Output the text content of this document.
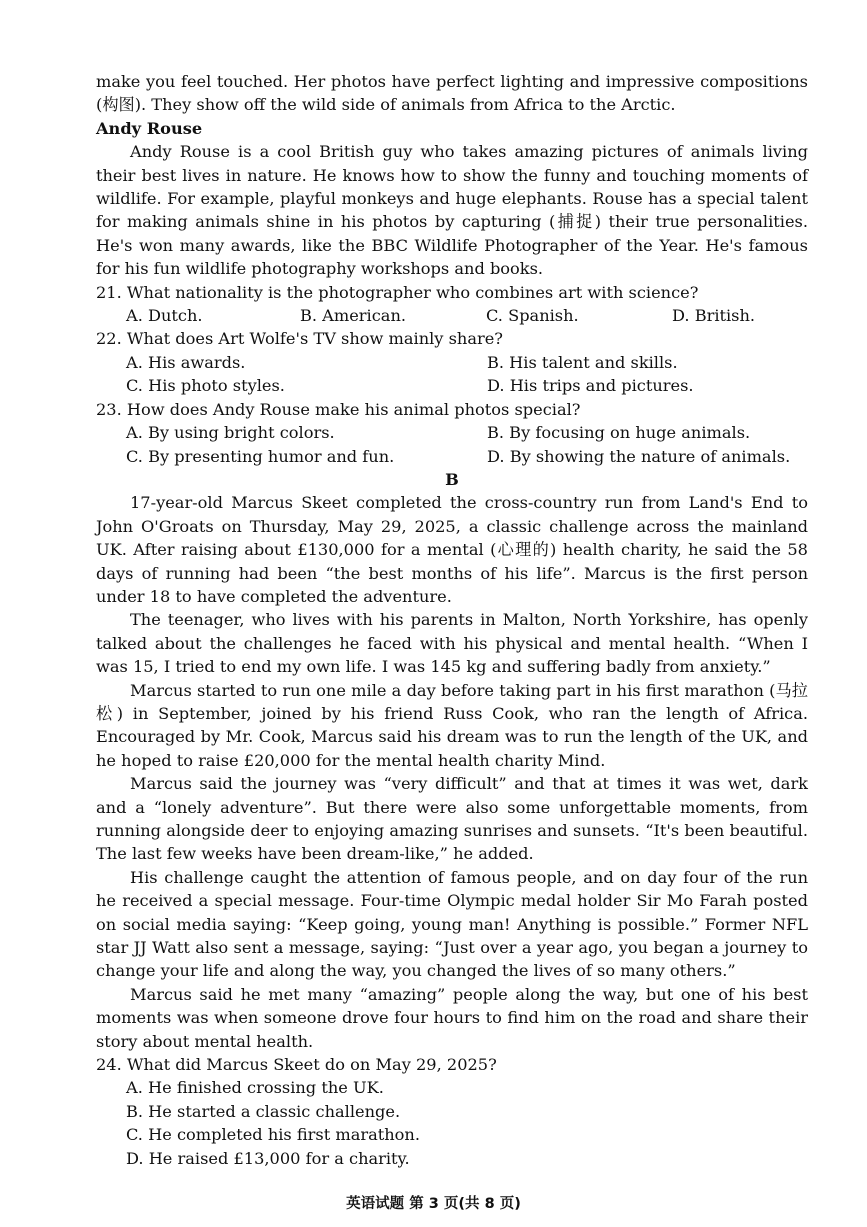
make you feel touched. Her photos have perfect lighting and impressive compositions (构图). They show off the wild side of animals from Africa to the Arctic.

Andy Rouse

Andy Rouse is a cool British guy who takes amazing pictures of animals living their best lives in nature. He knows how to show the funny and touching moments of wildlife. For example, playful monkeys and huge elephants. Rouse has a special talent for making animals shine in his photos by capturing (捕捉) their true personalities. He's won many awards, like the BBC Wildlife Photographer of the Year. He's famous for his fun wildlife photography workshops and books.

21. What nationality is the photographer who combines art with science?

A. Dutch.	B. American.	C. Spanish.	D. British.

22. What does Art Wolfe's TV show mainly share?

A. His awards.	B. His talent and skills.
C. His photo styles.	D. His trips and pictures.

23. How does Andy Rouse make his animal photos special?

A. By using bright colors.	B. By focusing on huge animals.
C. By presenting humor and fun.	D. By showing the nature of animals.

B

17-year-old Marcus Skeet completed the cross-country run from Land's End to John O'Groats on Thursday, May 29, 2025, a classic challenge across the mainland UK. After raising about £130,000 for a mental (心理的) health charity, he said the 58 days of running had been “the best months of his life”. Marcus is the first person under 18 to have completed the adventure.

The teenager, who lives with his parents in Malton, North Yorkshire, has openly talked about the challenges he faced with his physical and mental health. “When I was 15, I tried to end my own life. I was 145 kg and suffering badly from anxiety.”

Marcus started to run one mile a day before taking part in his first marathon (马拉松) in September, joined by his friend Russ Cook, who ran the length of Africa. Encouraged by Mr. Cook, Marcus said his dream was to run the length of the UK, and he hoped to raise £20,000 for the mental health charity Mind.

Marcus said the journey was “very difficult” and that at times it was wet, dark and a “lonely adventure”. But there were also some unforgettable moments, from running alongside deer to enjoying amazing sunrises and sunsets. “It's been beautiful. The last few weeks have been dream-like,” he added.

His challenge caught the attention of famous people, and on day four of the run he received a special message. Four-time Olympic medal holder Sir Mo Farah posted on social media saying: “Keep going, young man! Anything is possible.” Former NFL star JJ Watt also sent a message, saying: “Just over a year ago, you began a journey to change your life and along the way, you changed the lives of so many others.”

Marcus said he met many “amazing” people along the way, but one of his best moments was when someone drove four hours to find him on the road and share their story about mental health.

24. What did Marcus Skeet do on May 29, 2025?

A. He finished crossing the UK.
B. He started a classic challenge.
C. He completed his first marathon.
D. He raised £13,000 for a charity.
英语试题 第 3 页(共 8 页)
